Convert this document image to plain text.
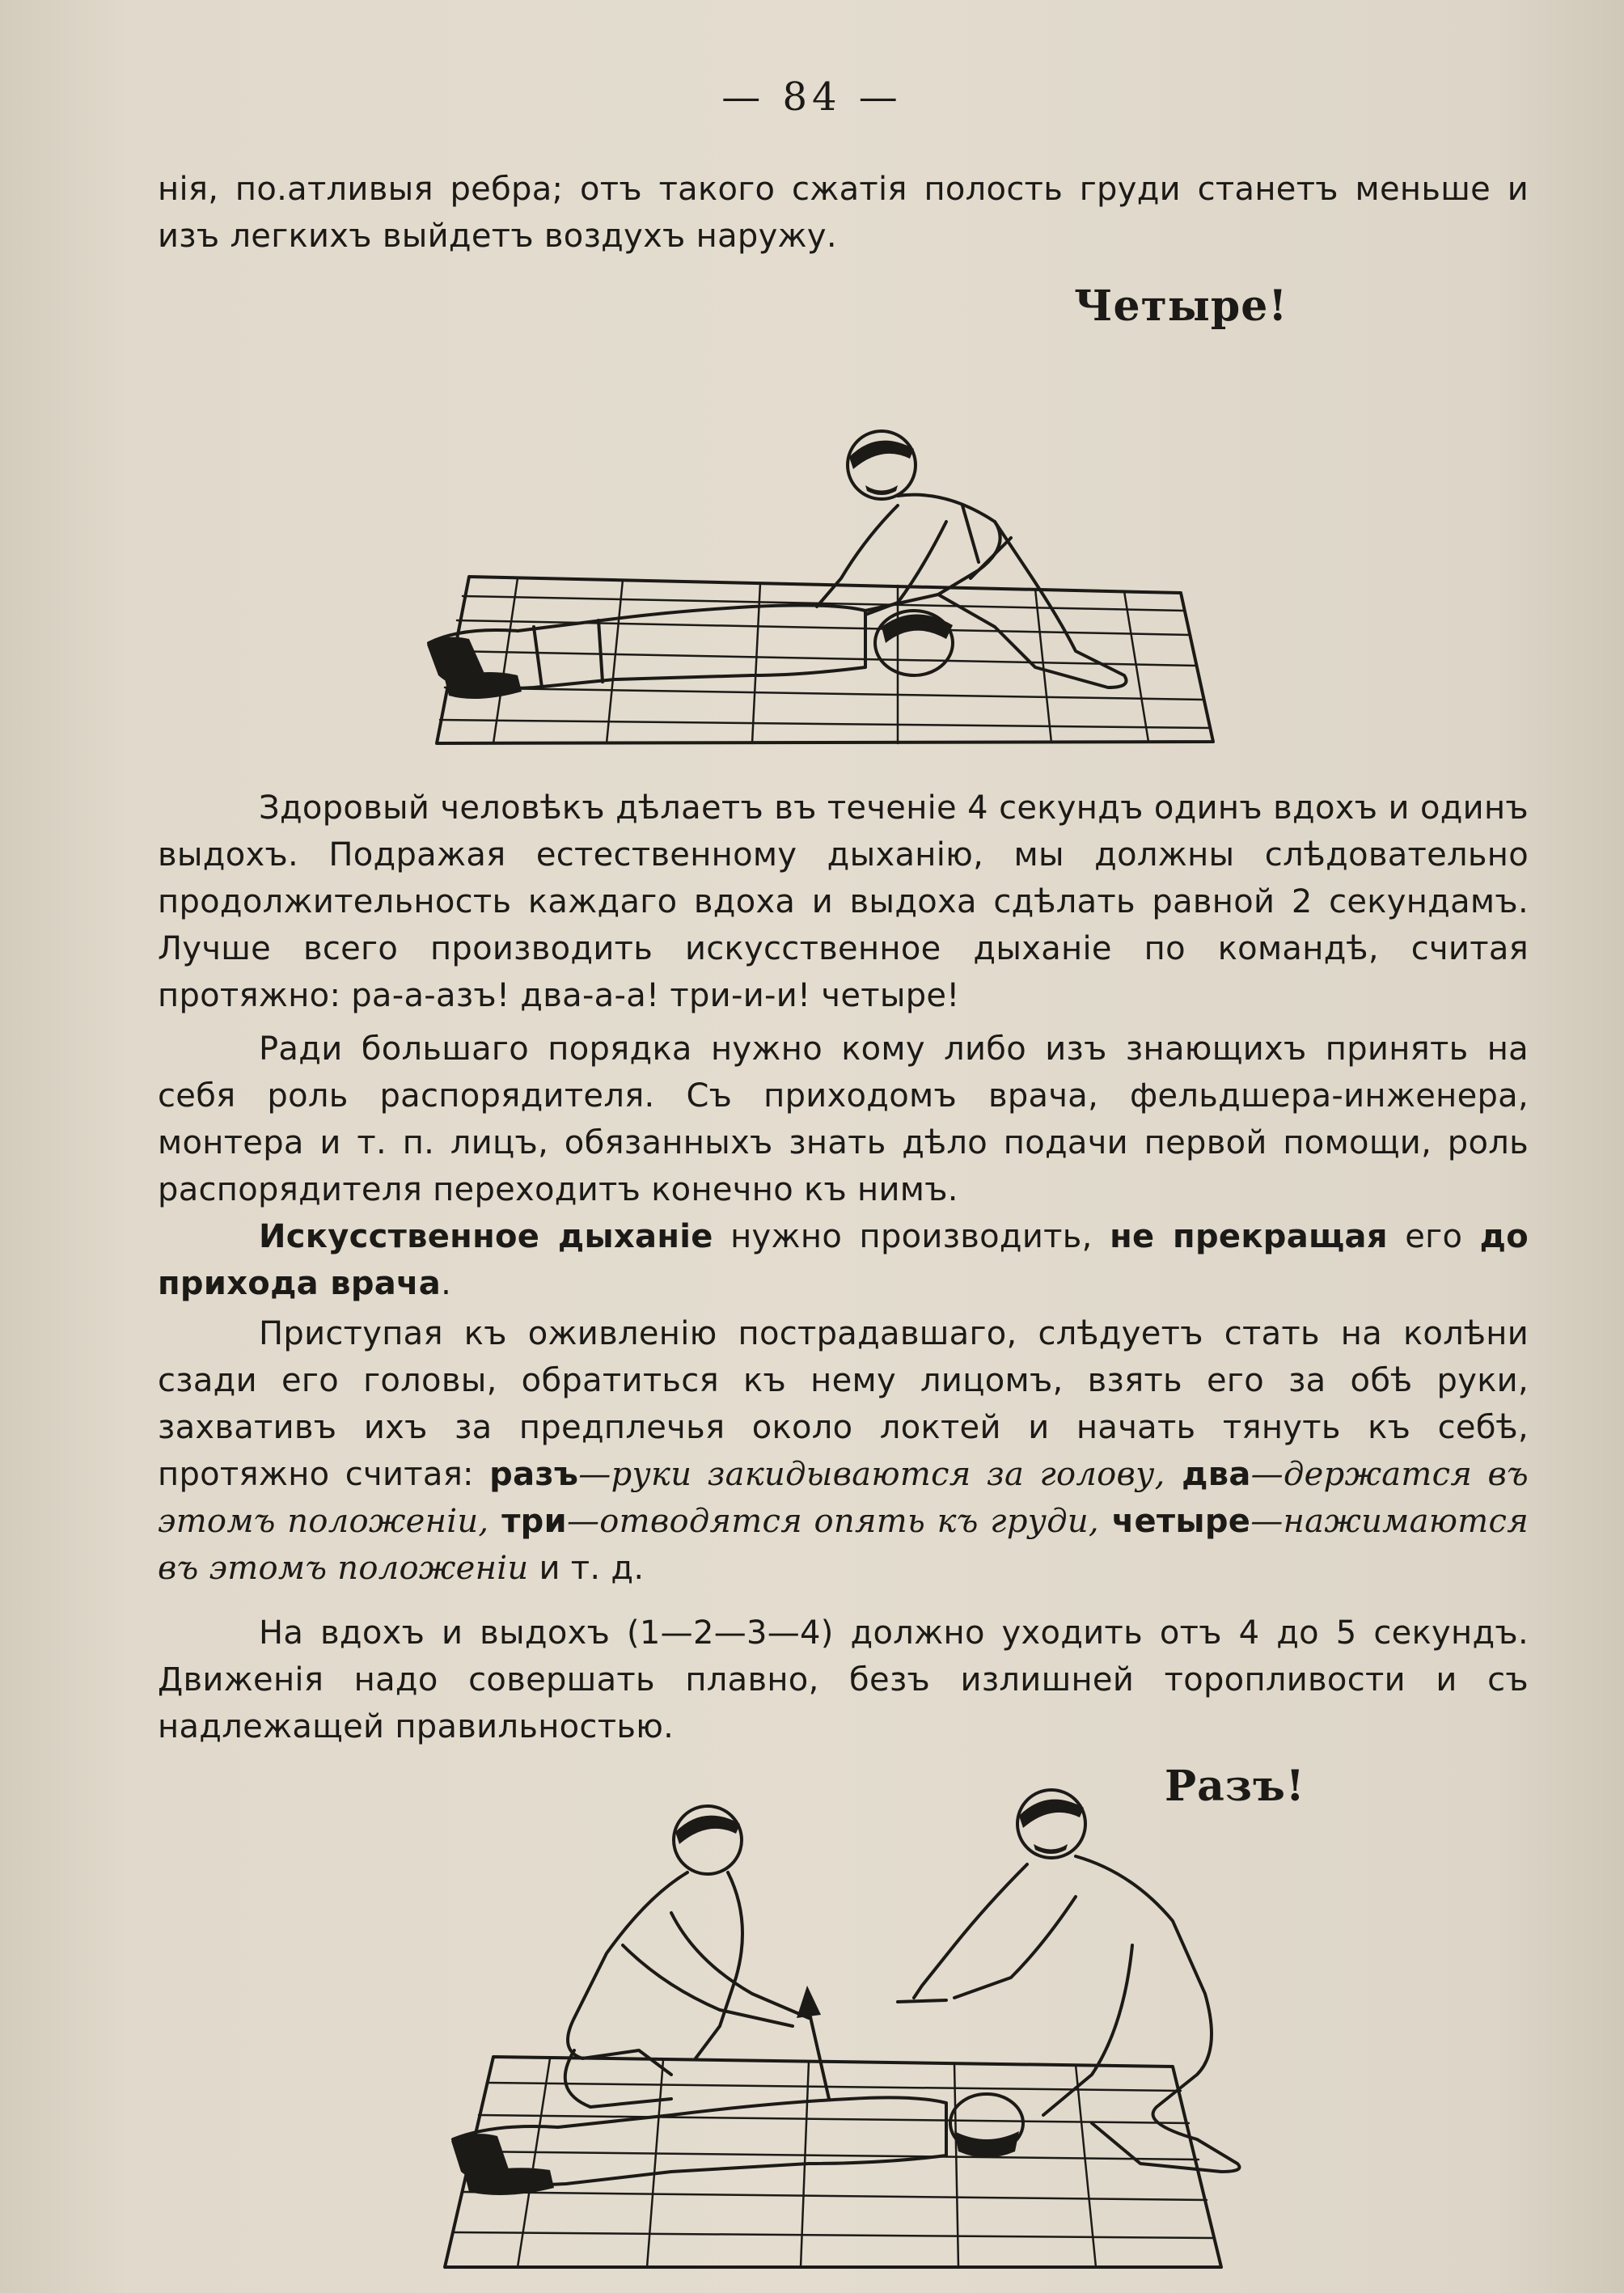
— 84 —
нія, по.атливыя ребра; отъ такого сжатія полость груди станетъ меньше и изъ легкихъ выйдетъ воздухъ наружу.
Четыре!
Здоровый человѣкъ дѣлаетъ въ теченіе 4 секундъ одинъ вдохъ и одинъ выдохъ. Подражая естественному дыханію, мы должны слѣдовательно продолжительность каждаго вдоха и выдоха сдѣлать равной 2 секундамъ. Лучше всего производить искусственное дыханіе по командѣ, считая протяжно: ра-а-азъ! два-а-а! три-и-и! четыре!
Ради большаго порядка нужно кому либо изъ знающихъ принять на себя роль распорядителя. Съ приходомъ врача, фельдшера-инженера, монтера и т. п. лицъ, обязанныхъ знать дѣло подачи первой помощи, роль распорядителя переходитъ конечно къ нимъ.
Искусственное дыханіе нужно производить, не прекращая его до прихода врача.
Приступая къ оживленію пострадавшаго, слѣдуетъ стать на колѣни сзади его головы, обратиться къ нему лицомъ, взять его за обѣ руки, захвативъ ихъ за предплечья около локтей и начать тянуть къ себѣ, протяжно считая: разъ—руки закидываются за голову, два—держатся въ этомъ положеніи, три—отводятся опять къ груди, четыре—нажимаются въ этомъ положеніи и т. д.
На вдохъ и выдохъ (1—2—3—4) должно уходить отъ 4 до 5 секундъ. Движенія надо совершать плавно, безъ излишней торопливости и съ надлежащей правильностью.
Разъ!
